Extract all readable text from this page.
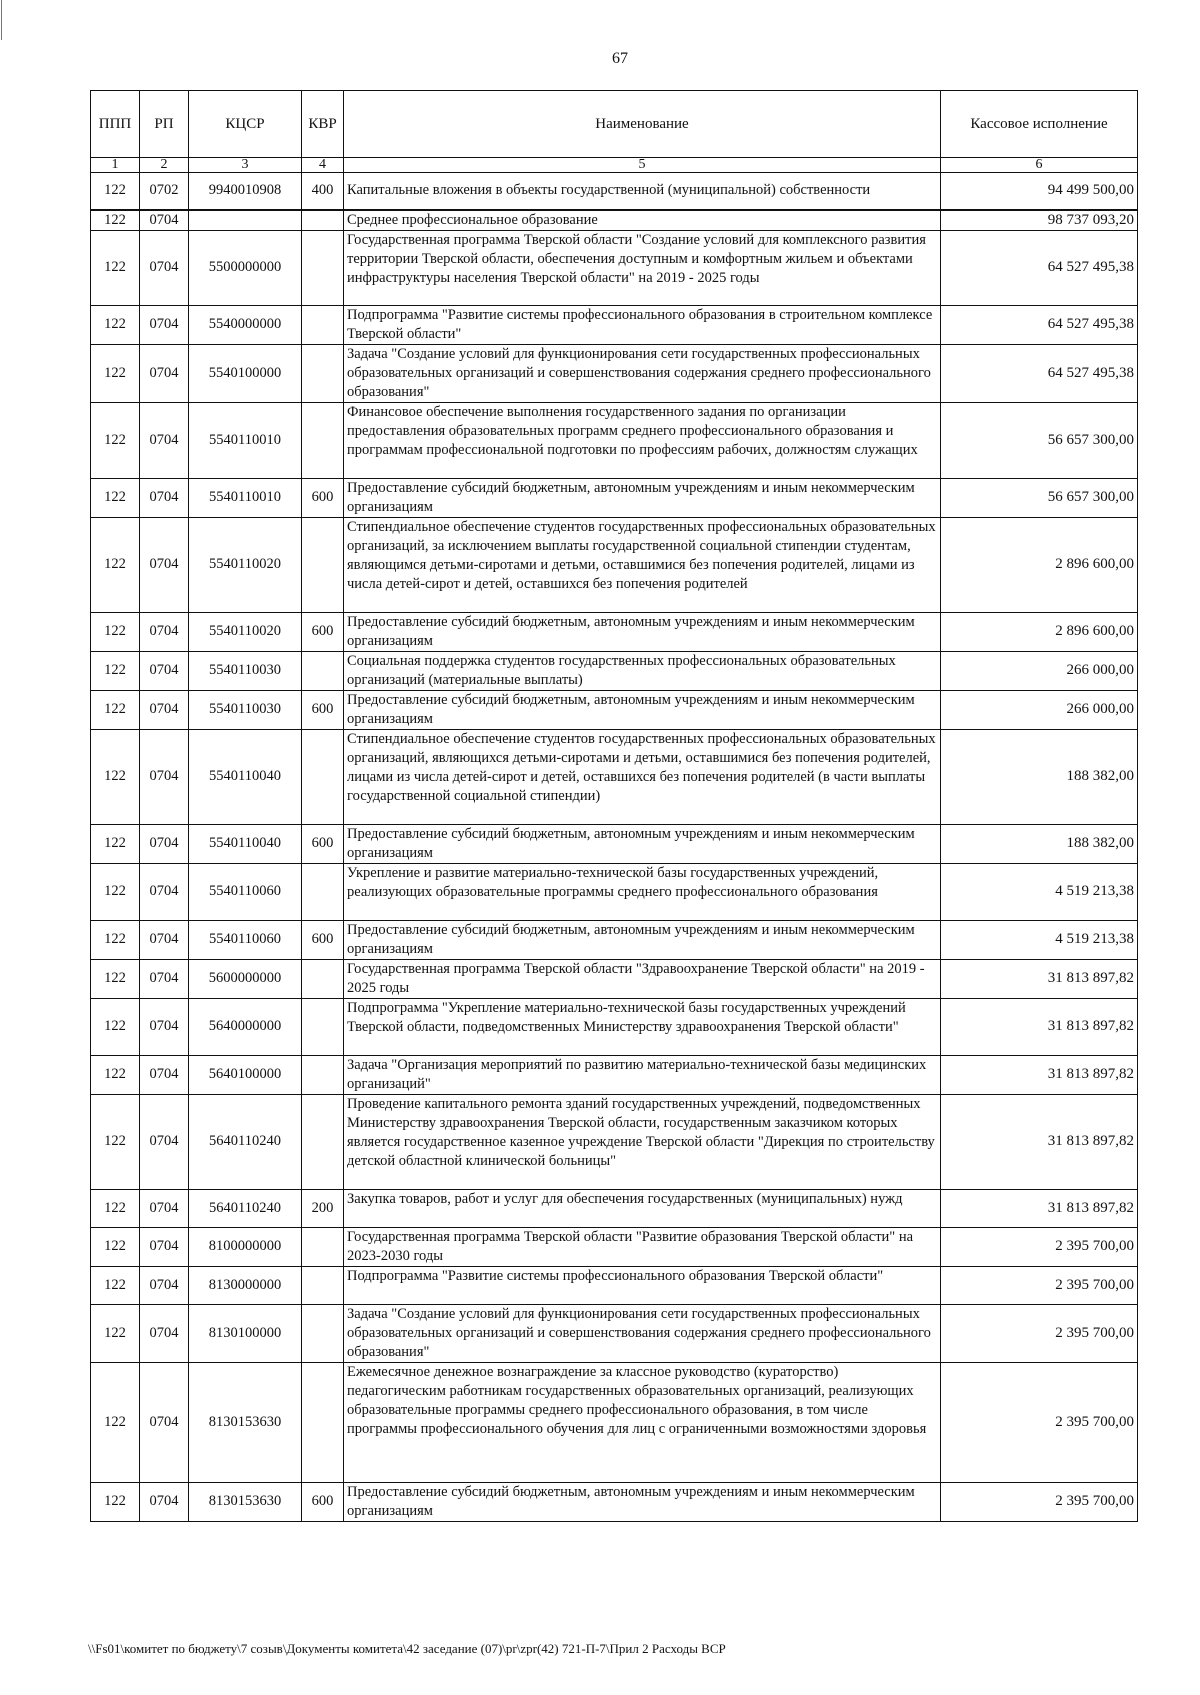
67
ППП	РП	КЦСР	КВР	Наименование	Кассовое исполнение
1	2	3	4	5	6
122	0702	9940010908	400	Капитальные вложения в объекты государственной (муниципальной) собственности	94 499 500,00
122	0704			Среднее профессиональное образование	98 737 093,20
122	0704	5500000000		Государственная программа Тверской области "Создание условий для комплексного развития территории Тверской области, обеспечения доступным и комфортным жильем и объектами инфраструктуры населения Тверской области" на 2019 - 2025 годы	64 527 495,38
122	0704	5540000000		Подпрограмма "Развитие системы профессионального образования в строительном комплексе Тверской области"	64 527 495,38
122	0704	5540100000		Задача "Создание условий для функционирования сети государственных профессиональных образовательных организаций и совершенствования содержания среднего профессионального образования"	64 527 495,38
122	0704	5540110010		Финансовое обеспечение выполнения государственного задания по организации предоставления образовательных программ среднего профессионального образования и программам профессиональной подготовки по профессиям рабочих, должностям служащих	56 657 300,00
122	0704	5540110010	600	Предоставление субсидий бюджетным, автономным учреждениям и иным некоммерческим организациям	56 657 300,00
122	0704	5540110020		Стипендиальное обеспечение студентов государственных профессиональных образовательных организаций, за исключением выплаты государственной социальной стипендии студентам, являющимся детьми-сиротами и детьми, оставшимися без попечения родителей, лицами из числа детей-сирот и детей, оставшихся без попечения родителей	2 896 600,00
122	0704	5540110020	600	Предоставление субсидий бюджетным, автономным учреждениям и иным некоммерческим организациям	2 896 600,00
122	0704	5540110030		Социальная поддержка студентов государственных профессиональных образовательных организаций (материальные выплаты)	266 000,00
122	0704	5540110030	600	Предоставление субсидий бюджетным, автономным учреждениям и иным некоммерческим организациям	266 000,00
122	0704	5540110040		Стипендиальное обеспечение студентов государственных профессиональных образовательных организаций, являющихся детьми-сиротами и детьми, оставшимися без попечения родителей, лицами из числа детей-сирот и детей, оставшихся без попечения родителей (в части выплаты государственной социальной стипендии)	188 382,00
122	0704	5540110040	600	Предоставление субсидий бюджетным, автономным учреждениям и иным некоммерческим организациям	188 382,00
122	0704	5540110060		Укрепление и развитие материально-технической базы государственных учреждений, реализующих образовательные программы среднего профессионального образования	4 519 213,38
122	0704	5540110060	600	Предоставление субсидий бюджетным, автономным учреждениям и иным некоммерческим организациям	4 519 213,38
122	0704	5600000000		Государственная программа Тверской области "Здравоохранение Тверской области" на 2019 - 2025 годы	31 813 897,82
122	0704	5640000000		Подпрограмма "Укрепление материально-технической базы государственных учреждений Тверской области, подведомственных Министерству здравоохранения Тверской области"	31 813 897,82
122	0704	5640100000		Задача "Организация мероприятий по развитию материально-технической базы медицинских организаций"	31 813 897,82
122	0704	5640110240		Проведение капитального ремонта зданий государственных учреждений, подведомственных Министерству здравоохранения Тверской области, государственным заказчиком которых является государственное казенное учреждение Тверской области "Дирекция по строительству детской областной клинической больницы"	31 813 897,82
122	0704	5640110240	200	Закупка товаров, работ и услуг для обеспечения государственных (муниципальных) нужд	31 813 897,82
122	0704	8100000000		Государственная программа Тверской области "Развитие образования Тверской области" на 2023-2030 годы	2 395 700,00
122	0704	8130000000		Подпрограмма "Развитие системы профессионального образования Тверской области"	2 395 700,00
122	0704	8130100000		Задача "Создание условий для функционирования сети государственных профессиональных образовательных организаций и совершенствования содержания среднего профессионального образования"	2 395 700,00
122	0704	8130153630		Ежемесячное денежное вознаграждение за классное руководство (кураторство) педагогическим работникам государственных образовательных организаций, реализующих образовательные программы среднего профессионального образования, в том числе программы профессионального обучения для лиц с ограниченными возможностями здоровья	2 395 700,00
122	0704	8130153630	600	Предоставление субсидий бюджетным, автономным учреждениям и иным некоммерческим организациям	2 395 700,00
\\Fs01\комитет по бюджету\7 созыв\Документы комитета\42 заседание (07)\pr\zpr(42) 721-П-7\Прил 2 Расходы ВСР
